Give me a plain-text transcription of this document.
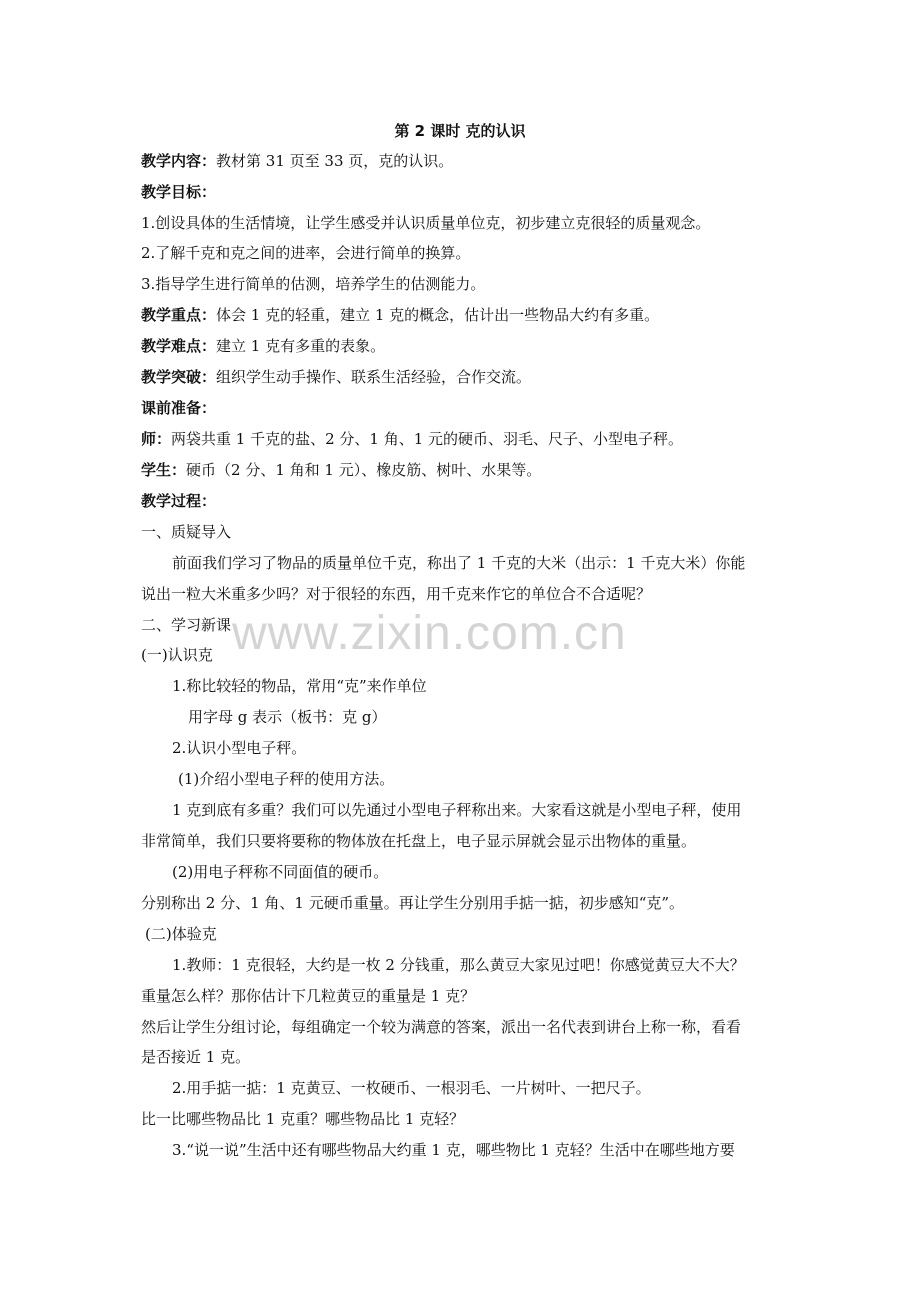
第 2 课时 克的认识
教学内容：教材第 31 页至 33 页，克的认识。
教学目标：
1.创设具体的生活情境，让学生感受并认识质量单位克，初步建立克很轻的质量观念。
2.了解千克和克之间的进率，会进行简单的换算。
3.指导学生进行简单的估测，培养学生的估测能力。
教学重点：体会 1 克的轻重，建立 1 克的概念，估计出一些物品大约有多重。
教学难点：建立 1 克有多重的表象。
教学突破：组织学生动手操作、联系生活经验，合作交流。
课前准备：
师：两袋共重 1 千克的盐、2 分、1 角、1 元的硬币、羽毛、尺子、小型电子秤。
学生：硬币（2 分、1 角和 1 元）、橡皮筋、树叶、水果等。
教学过程：
一、质疑导入
前面我们学习了物品的质量单位千克，称出了 1 千克的大米（出示：1 千克大米）你能
说出一粒大米重多少吗？对于很轻的东西，用千克来作它的单位合不合适呢？
二、学习新课
(一)认识克
1.称比较轻的物品，常用“克”来作单位
用字母 g 表示（板书：克 g）
2.认识小型电子秤。
(1)介绍小型电子秤的使用方法。
1 克到底有多重？我们可以先通过小型电子秤称出来。大家看这就是小型电子秤，使用
非常简单，我们只要将要称的物体放在托盘上，电子显示屏就会显示出物体的重量。
(2)用电子秤称不同面值的硬币。
分别称出 2 分、1 角、1 元硬币重量。再让学生分别用手掂一掂，初步感知“克”。
(二)体验克
1.教师：1 克很轻，大约是一枚 2 分钱重，那么黄豆大家见过吧！你感觉黄豆大不大？
重量怎么样？那你估计下几粒黄豆的重量是 1 克？
然后让学生分组讨论，每组确定一个较为满意的答案，派出一名代表到讲台上称一称，看看
是否接近 1 克。
2.用手掂一掂：1 克黄豆、一枚硬币、一根羽毛、一片树叶、一把尺子。
比一比哪些物品比 1 克重？哪些物品比 1 克轻？
3.“说一说”生活中还有哪些物品大约重 1 克，哪些物比 1 克轻？生活中在哪些地方要
www.zixin.com.cn
